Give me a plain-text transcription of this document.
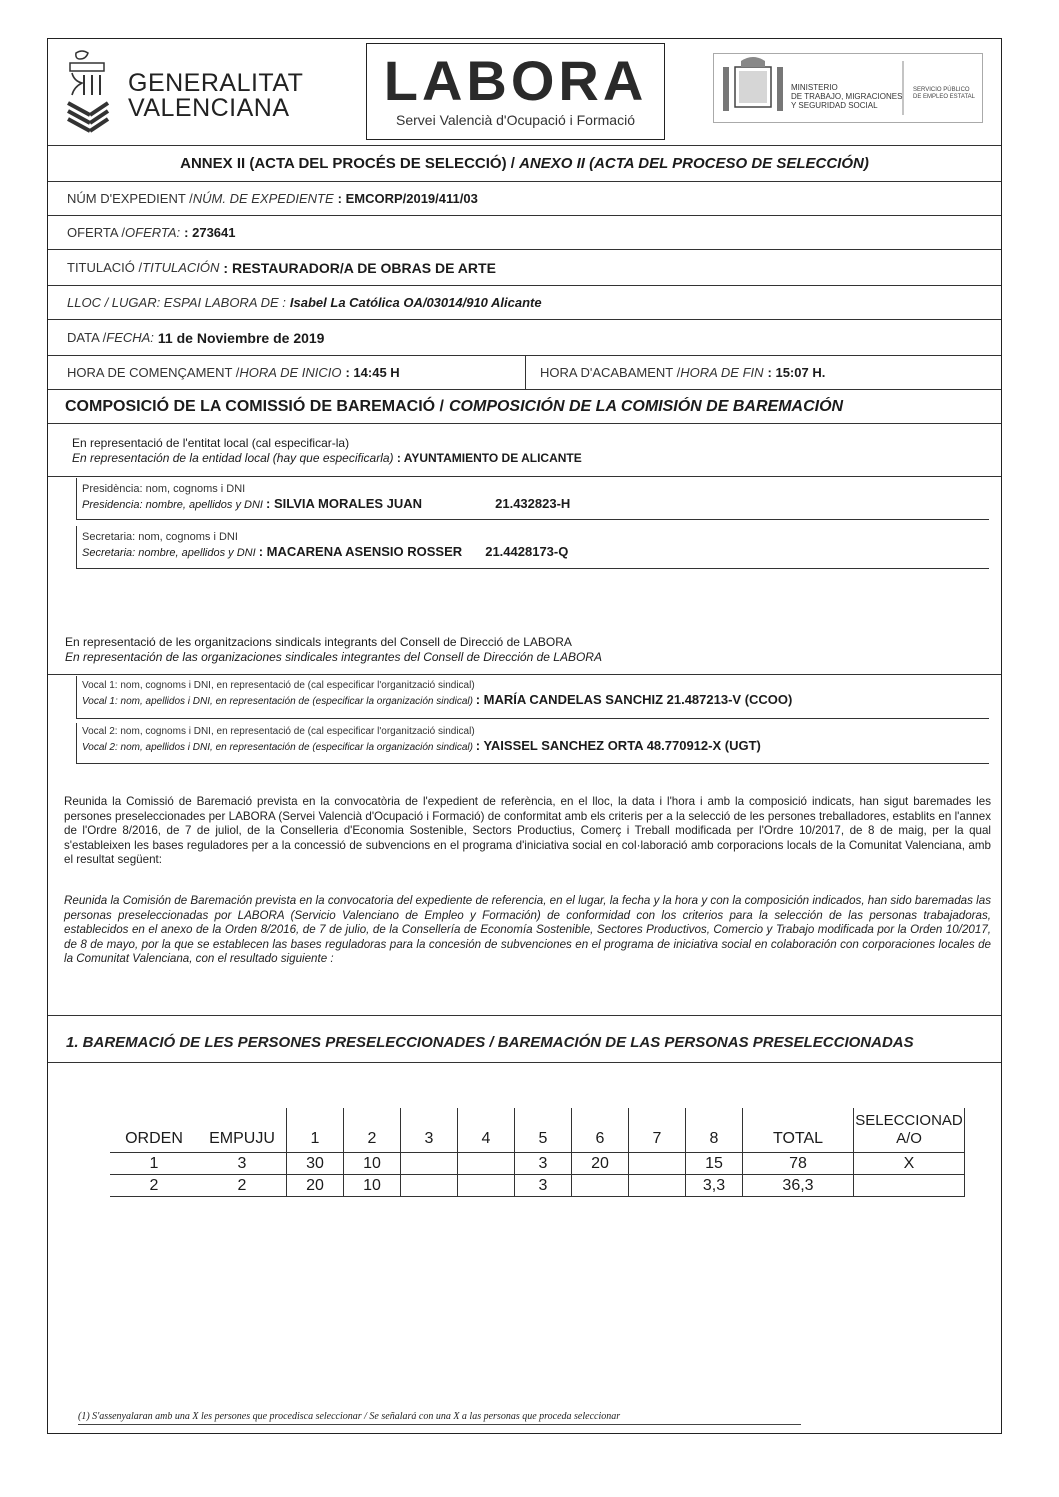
GENERALITAT
VALENCIANA LABORA
Servei Valencià d'Ocupació i Formació
MINISTERIO
DE TRABAJO, MIGRACIONES
Y SEGURIDAD SOCIAL
SERVICIO PÚBLICO
DE EMPLEO ESTATAL
ANNEX II (ACTA DEL PROCÉS DE SELECCIÓ) / ANEXO II (ACTA DEL PROCESO DE SELECCIÓN)
NÚM D'EXPEDIENT / NÚM. DE EXPEDIENTE : EMCORP/2019/411/03
OFERTA / OFERTA: : 273641
TITULACIÓ / TITULACIÓN : RESTAURADOR/A DE OBRAS DE ARTE
LLOC / LUGAR: ESPAI LABORA DE : Isabel La Católica OA/03014/910 Alicante
DATA / FECHA: 11 de Noviembre de 2019
HORA DE COMENÇAMENT / HORA DE INICIO : 14:45 H	HORA D'ACABAMENT / HORA DE FIN : 15:07 H.
COMPOSICIÓ DE LA COMISSIÓ DE BAREMACIÓ / COMPOSICIÓN DE LA COMISIÓN DE BAREMACIÓN
En representació de l'entitat local (cal especificar-la)
En representación de la entidad local (hay que especificarla) : AYUNTAMIENTO DE ALICANTE
Presidència: nom, cognoms i DNI
Presidencia: nombre, apellidos y DNI : SILVIA MORALES JUAN	21.432823-H
Secretaria: nom, cognoms i DNI
Secretaria: nombre, apellidos y DNI : MACARENA ASENSIO ROSSER 21.4428173-Q
En representació de les organitzacions sindicals integrants del Consell de Direcció de LABORA
En representación de las organizaciones sindicales integrantes del Consell de Dirección de LABORA
Vocal 1: nom, cognoms i DNI, en representació de (cal especificar l'organització sindical)
Vocal 1: nom, apellidos i DNI, en representación de (especificar la organización sindical) : MARÍA CANDELAS SANCHIZ 21.487213-V (CCOO)
Vocal 2: nom, cognoms i DNI, en representació de (cal especificar l'organització sindical)
Vocal 2: nom, apellidos i DNI, en representación de (especificar la organización sindical) : YAISSEL SANCHEZ ORTA 48.770912-X (UGT)
Reunida la Comissió de Baremació prevista en la convocatòria de l'expedient de referència, en el lloc, la data i l'hora i amb la composició indicats, han sigut baremades les persones preseleccionades per LABORA (Servei Valencià d'Ocupació i Formació) de conformitat amb els criteris per a la selecció de les persones treballadores, establits en l'annex de l'Ordre 8/2016, de 7 de juliol, de la Conselleria d'Economia Sostenible, Sectors Productius, Comerç i Treball modificada per l'Ordre 10/2017, de 8 de maig, per la qual s'estableixen les bases reguladores per a la concessió de subvencions en el programa d'iniciativa social en col·laboració amb corporacions locals de la Comunitat Valenciana, amb el resultat següent:
Reunida la Comisión de Baremación prevista en la convocatoria del expediente de referencia, en el lugar, la fecha y la hora y con la composición indicados, han sido baremadas las personas preseleccionadas por LABORA (Servicio Valenciano de Empleo y Formación) de conformidad con los criterios para la selección de las personas trabajadoras, establecidos en el anexo de la Orden 8/2016, de 7 de julio, de la Consellería de Economía Sostenible, Sectores Productivos, Comercio y Trabajo modificada por la Orden 10/2017, de 8 de mayo, por la que se establecen las bases reguladoras para la concesión de subvenciones en el programa de iniciativa social en colaboración con corporaciones locales de la Comunitat Valenciana, con el resultado siguiente :
1. BAREMACIÓ DE LES PERSONES PRESELECCIONADES / BAREMACIÓN DE LAS PERSONAS PRESELECCIONADAS
ORDEN	EMPUJU	1	2	3	4	5	6	7	8	TOTAL	SELECCIONAD A/O
1	3	30	10			3	20		15	78	X
2	2	20	10			3			3,3	36,3	
(1) S'assenyalaran amb una X les persones que procedisca seleccionar / Se señalará con una X a las personas que proceda seleccionar
